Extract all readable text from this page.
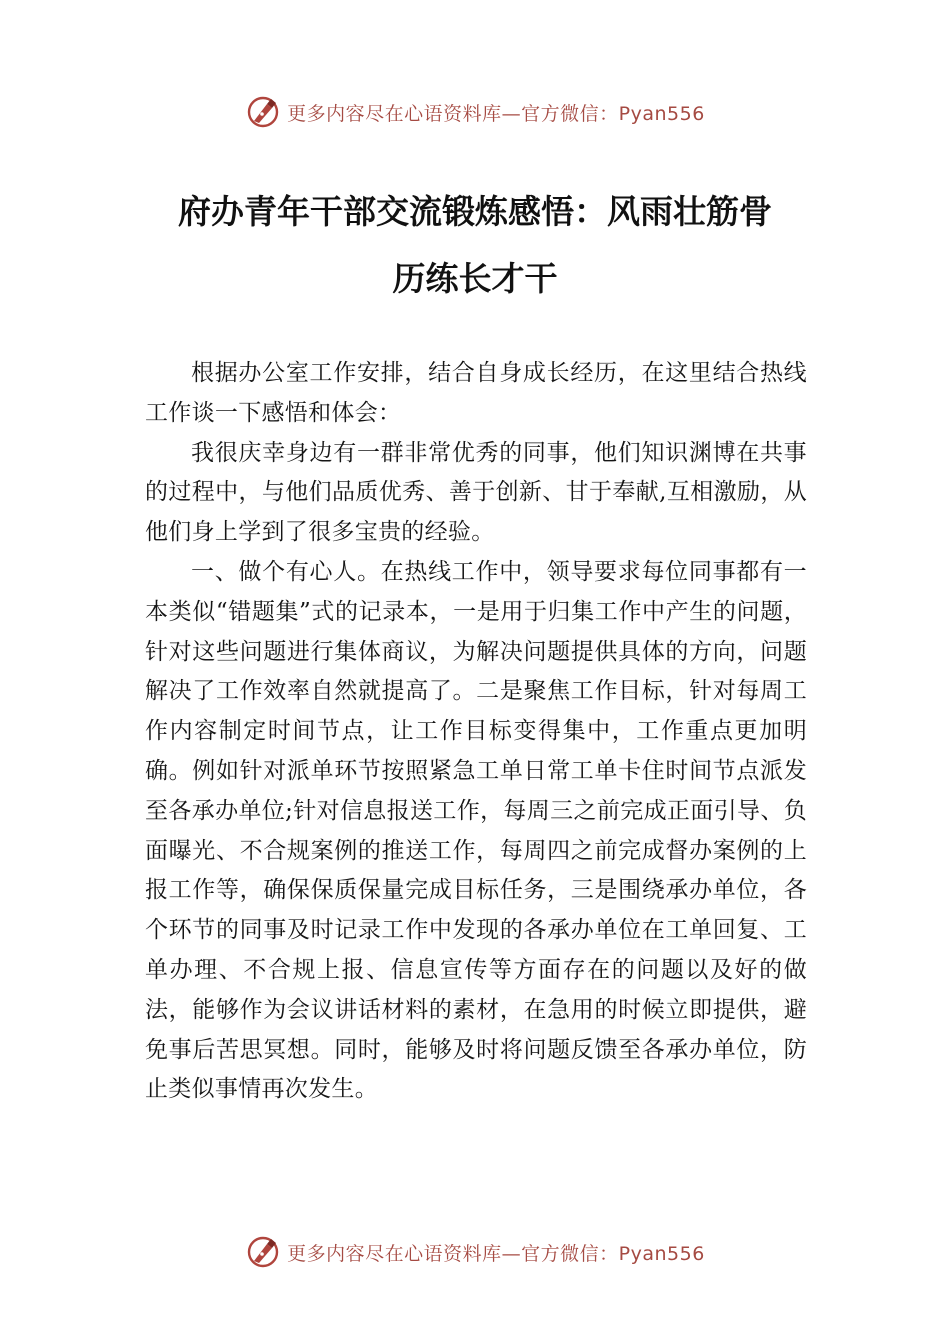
更多内容尽在心语资料库—官方微信：Pyan556
府办青年干部交流锻炼感悟：风雨壮筋骨
历练长才干

根据办公室工作安排，结合自身成长经历，在这里结合热线工作谈一下感悟和体会：

我很庆幸身边有一群非常优秀的同事，他们知识渊博在共事的过程中，与他们品质优秀、善于创新、甘于奉献,互相激励，从他们身上学到了很多宝贵的经验。

一、做个有心人。在热线工作中，领导要求每位同事都有一本类似“错题集”式的记录本，一是用于归集工作中产生的问题，针对这些问题进行集体商议，为解决问题提供具体的方向，问题解决了工作效率自然就提高了。二是聚焦工作目标，针对每周工作内容制定时间节点，让工作目标变得集中，工作重点更加明确。例如针对派单环节按照紧急工单日常工单卡住时间节点派发至各承办单位;针对信息报送工作，每周三之前完成正面引导、负面曝光、不合规案例的推送工作，每周四之前完成督办案例的上报工作等，确保保质保量完成目标任务，三是围绕承办单位，各个环节的同事及时记录工作中发现的各承办单位在工单回复、工单办理、不合规上报、信息宣传等方面存在的问题以及好的做法，能够作为会议讲话材料的素材，在急用的时候立即提供，避免事后苦思冥想。同时，能够及时将问题反馈至各承办单位，防止类似事情再次发生。

更多内容尽在心语资料库—官方微信：Pyan556
